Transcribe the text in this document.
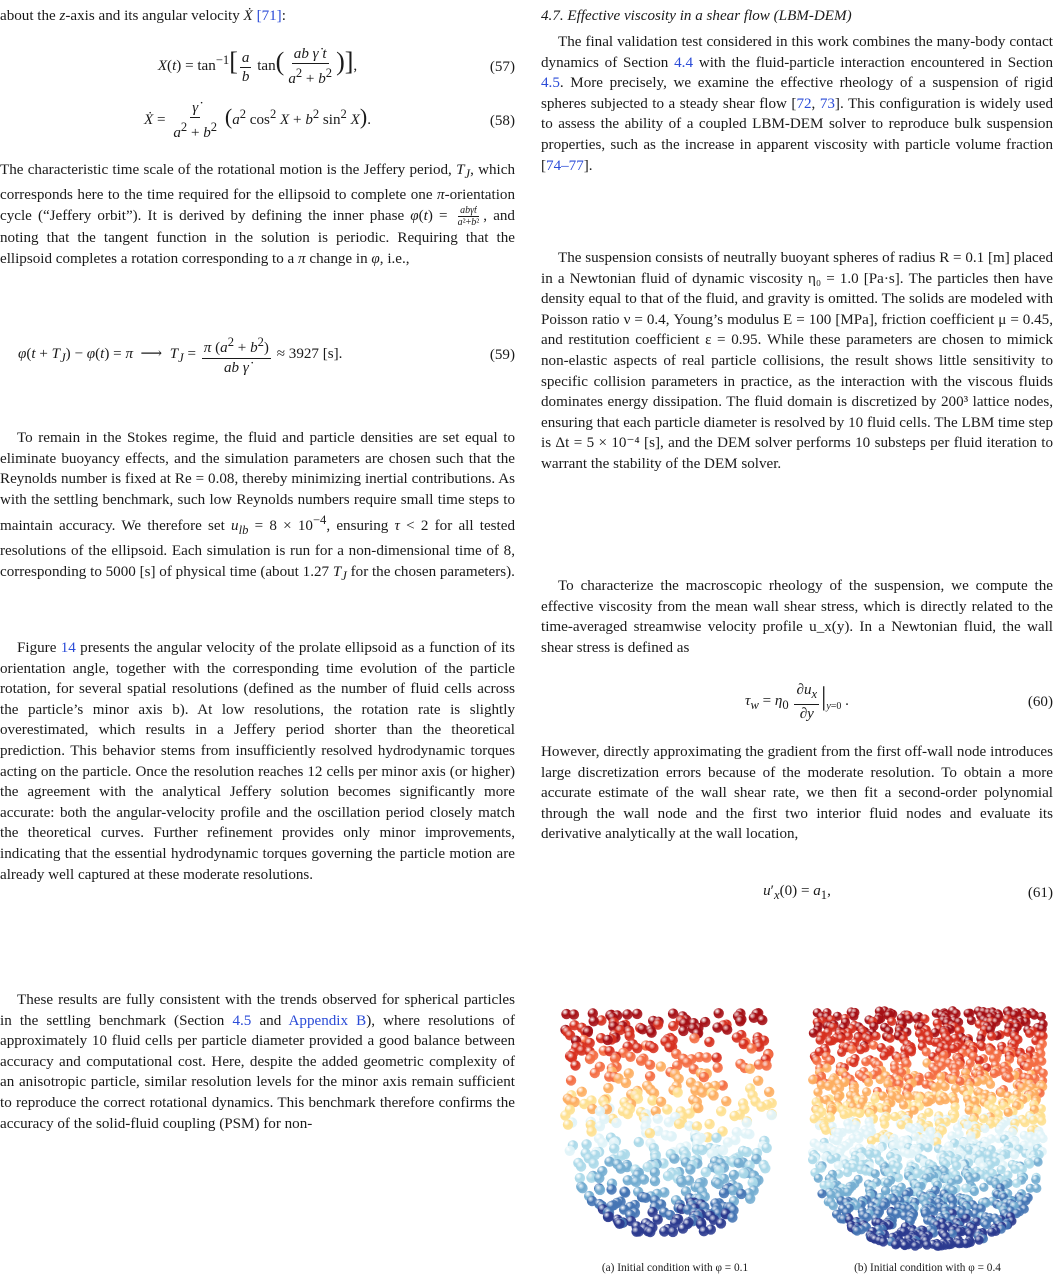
about the z-axis and its angular velocity Ẋ [71]:

$X(t) = \tan^{-1}[ \frac{a}{b} \tan( \frac{\text{ab γ̇ t}}{a^2 + b^2}$ )],	(57)
Ẋ = $\frac{\gammȧ}{a^2 + b^2} (a^2$ $\cos^2 X + b^2$ $\sin^2 X$).	(58)

The characteristic time scale of the rotational motion is the Jeffery period, $T_J$, which corresponds here to the time required for the ellipsoid to complete one π-orientation cycle (“Jeffery orbit”). It is derived by defining the inner phase $\varphi(t) = \frac{\text{abγ̇t}}{\text{a²+b²}}$ , and noting that the tangent function in the solution is periodic. Requiring that the ellipsoid completes a rotation corresponding to a π change in φ, i.e.,

$\varphi(t + T_J) - \varphi(t) = \pi$  ⟶  $T_J = \frac{\pi (a^2 + b^2)}{\text{ab γ̇}} \approx 3927$ [s].	(59)

To remain in the Stokes regime, the fluid and particle densities are set equal to eliminate buoyancy effects, and the simulation parameters are chosen such that the Reynolds number is fixed at Re = 0.08, thereby minimizing inertial contributions. As with the settling benchmark, such low Reynolds numbers require small time steps to maintain accuracy. We therefore set $u_{lb} = 8 \times 10^{-4}$, ensuring τ < 2 for all tested resolutions of the ellipsoid. Each simulation is run for a non-dimensional time of 8, corresponding to 5000 [s] of physical time (about 1.27 $T_J$ for the chosen parameters).

Figure 14 presents the angular velocity of the prolate ellipsoid as a function of its orientation angle, together with the corresponding time evolution of the particle rotation, for several spatial resolutions (defined as the number of fluid cells across the particle’s minor axis b). At low resolutions, the rotation rate is slightly overestimated, which results in a Jeffery period shorter than the theoretical prediction. This behavior stems from insufficiently resolved hydrodynamic torques acting on the particle. Once the resolution reaches 12 cells per minor axis (or higher) the agreement with the analytical Jeffery solution becomes significantly more accurate: both the angular-velocity profile and the oscillation period closely match the theoretical curves. Further refinement provides only minor improvements, indicating that the essential hydrodynamic torques governing the particle motion are already well captured at these moderate resolutions.

These results are fully consistent with the trends observed for spherical particles in the settling benchmark (Section 4.5 and Appendix B), where resolutions of approximately 10 fluid cells per particle diameter provided a good balance between accuracy and computational cost. Here, despite the added geometric complexity of an anisotropic particle, similar resolution levels for the minor axis remain sufficient to reproduce the correct rotational dynamics. This benchmark therefore confirms the accuracy of the solid-fluid coupling (PSM) for non-

4.7. Effective viscosity in a shear flow (LBM-DEM)

The final validation test considered in this work combines the many-body contact dynamics of Section 4.4 with the fluid-particle interaction encountered in Section 4.5. More precisely, we examine the effective rheology of a suspension of rigid spheres subjected to a steady shear flow [72, 73]. This configuration is widely used to assess the ability of a coupled LBM-DEM solver to reproduce bulk suspension properties, such as the increase in apparent viscosity with particle volume fraction [74–77].

The suspension consists of neutrally buoyant spheres of radius R = 0.1 [m] placed in a Newtonian fluid of dynamic viscosity η₀ = 1.0 [Pa·s]. The particles then have density equal to that of the fluid, and gravity is omitted. The solids are modeled with Poisson ratio ν = 0.4, Young’s modulus E = 100 [MPa], friction coefficient μ = 0.45, and restitution coefficient ε = 0.95. While these parameters are chosen to mimick non-elastic aspects of real particle collisions, the result shows little sensitivity to specific collision parameters in practice, as the interaction with the viscous fluids dominates energy dissipation. The fluid domain is discretized by 200³ lattice nodes, ensuring that each particle diameter is resolved by 10 fluid cells. The LBM time step is Δt = 5 × 10⁻⁴ [s], and the DEM solver performs 10 substeps per fluid iteration to warrant the stability of the DEM solver.

To characterize the macroscopic rheology of the suspension, we compute the effective viscosity from the mean wall shear stress, which is directly related to the time-averaged streamwise velocity profile u_x(y). In a Newtonian fluid, the wall shear stress is defined as

$\tau_w = \eta_0 \frac{\partial u_x}{\partial y} |_{y=0}$ .	(60)

However, directly approximating the gradient from the first off-wall node introduces large discretization errors because of the moderate resolution. To obtain a more accurate estimate of the wall shear rate, we then fit a second-order polynomial through the wall node and the first two interior fluid nodes and evaluate its derivative analytically at the wall location,

$u'_x(0) = a_1$,	(61)
(a) Initial condition with φ = 0.1	(b) Initial condition with φ = 0.4
